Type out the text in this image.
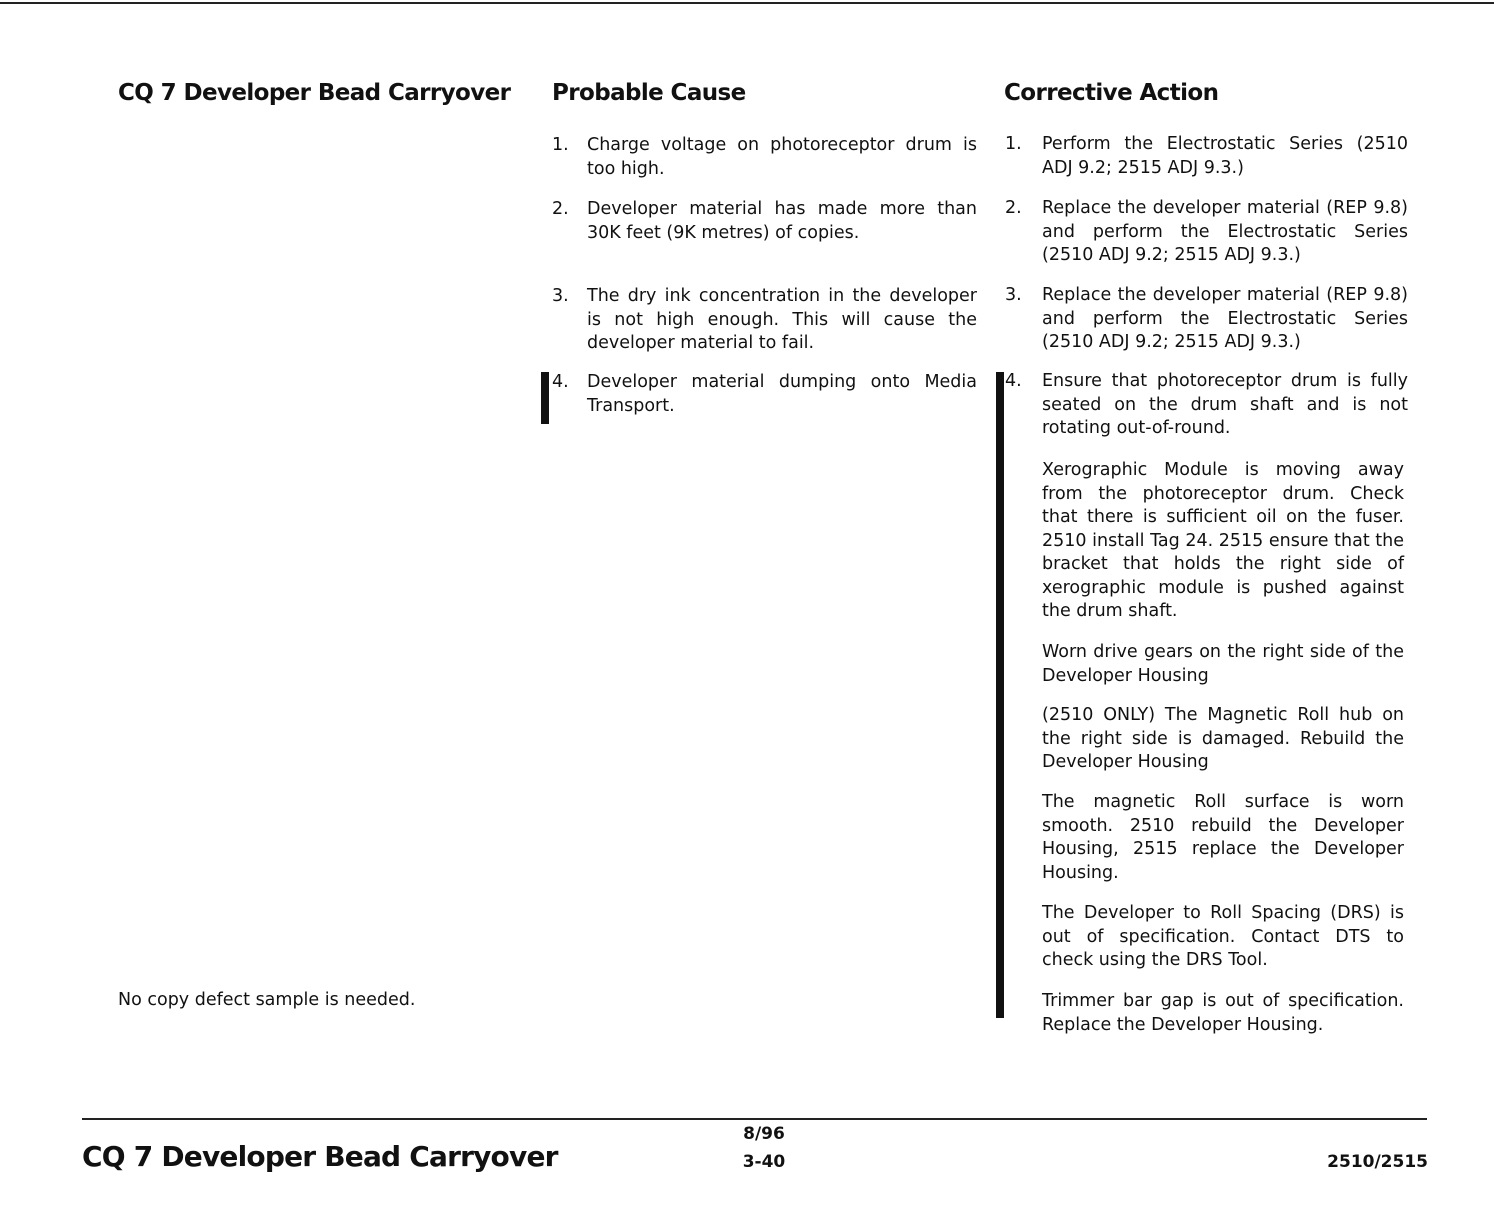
CQ 7 Developer Bead Carryover Probable Cause	Corrective Action
1. Charge voltage on photoreceptor drum is too high.
2. Developer material has made more than 30K feet (9K metres) of copies.
3. The dry ink concentration in the developer is not high enough. This will cause the developer material to fail.
4. Developer material dumping onto Media Transport.
1. Perform the Electrostatic Series (2510 ADJ 9.2; 2515 ADJ 9.3.)
2. Replace the developer material (REP 9.8) and perform the Electrostatic Series (2510 ADJ 9.2; 2515 ADJ 9.3.)
3. Replace the developer material (REP 9.8) and perform the Electrostatic Series (2510 ADJ 9.2; 2515 ADJ 9.3.)
4. Ensure that photoreceptor drum is fully seated on the drum shaft and is not rotating out-of-round.
Xerographic Module is moving away from the photoreceptor drum. Check that there is sufficient oil on the fuser. 2510 install Tag 24. 2515 ensure that the bracket that holds the right side of xerographic module is pushed against the drum shaft.
Worn drive gears on the right side of the Developer Housing
(2510 ONLY) The Magnetic Roll hub on the right side is damaged. Rebuild the Developer Housing
The magnetic Roll surface is worn smooth. 2510 rebuild the Developer Housing, 2515 replace the Developer Housing.
The Developer to Roll Spacing (DRS) is out of specification. Contact DTS to check using the DRS Tool.
Trimmer bar gap is out of specification. Replace the Developer Housing.
No copy defect sample is needed.
CQ 7 Developer Bead Carryover
8/96
3-40	2510/2515
